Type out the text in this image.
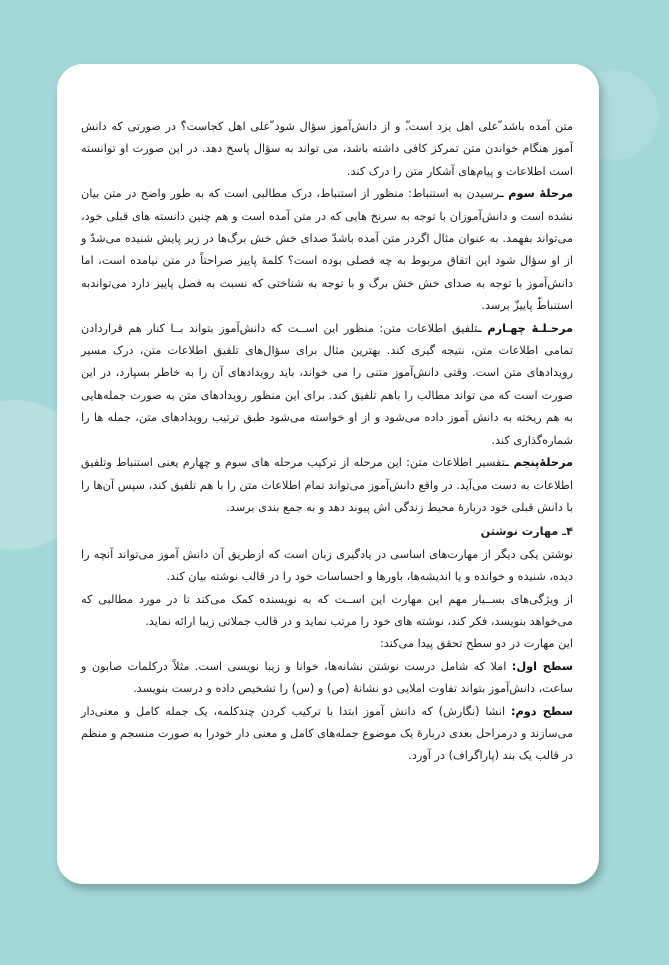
متن آمده باشد ّعلی اهل یزد است.ّ و از دانش‌آموز سؤال شود ّعلی اهل کجاست؟ّ در صورتی که دانش آموز هنگام خواندن متن تمرکز کافی داشته باشد، می تواند به سؤال پاسخ دهد. در این صورت او توانسته است اطلاعات و پیام‌های آشکار متن را درک کند.

مرحلۀ سوم ـرسیدن به استنباط: منظور از استنباط، درک مطالبی است که به طور واضح در متن بیان نشده است و دانش‌آموزان با توجه به سرنخ هایی که در متن آمده است و هم چنین دانسته های قبلی خود، می‌تواند بفهمد. به عنوان مثال اگردر متن آمده باشدّ صدای خش خش برگ‌ها در زیر پایش شنیده می‌شدّ و از او سؤال شود این اتفاق مربوط به چه فصلی بوده است؟ کلمۀ پاییز صراحتاً در متن نیامده است، اما دانش‌آموز با توجه به صدای خش خش برگ و با توجه به شناختی که نسبت به فصل پاییز دارد می‌تواندبه استنباطّ پاییزّ برسد.

مرحـلـۀ چهـارم ـتلفیق اطلاعات متن: منظور این اســت که دانش‌آموز بتواند بــا کنار هم قراردادن تمامی اطلاعات متن، نتیجه گیری کند. بهترین مثال برای سؤال‌های تلفیق اطلاعات متن، درک مسیر رویدادهای متن است. وقتی دانش‌آموز متنی را می خواند، باید رویدادهای آن را به خاطر بسپارد، در این صورت است که می تواند مطالب را باهم تلفیق کند. برای این منظور رویدادهای متن به صورت جمله‌هایی به هم ریخته به دانش آموز داده می‌شود و از او خواسته می‌شود طبق ترتیب رویدادهای متن، جمله ها را شماره‌گذاری کند.

مرحلۀپنجم ـتفسیر اطلاعات متن: این مرحله از ترکیب مرحله های سوم و چهارم یعنی استنباط وتلفیق اطلاعات به دست می‌آید. در واقع دانش‌آموز می‌تواند تمام اطلاعات متن را با هم تلفیق کند، سپس آن‌ها را با دانش قبلی خود دربارۀ محیط زندگی اش پیوند دهد و به جمع بندی برسد.

۴ـ مهارت نوشتن

نوشتن یکی دیگر از مهارت‌های اساسی در یادگیری زبان است که ازطریق آن دانش آموز می‌تواند آنچه را دیده، شنیده و خوانده و یا اندیشه‌ها، باورها و احساسات خود را در قالب نوشته بیان کند.

از ویژگی‌های بســیار مهم این مهارت این اســت که به نویسنده کمک می‌کند تا در مورد مطالبی که می‌خواهد بنویسد، فکر کند، نوشته های خود را مرتب نماید و در قالب جملاتی زیبا ارائه نماید.

این مهارت در دو سطح تحقق پیدا می‌کند:

سطح اول: املا که شامل درست نوشتن نشانه‌ها، خوانا و زیبا نویسی است. مثلاً درکلمات صابون و ساعت، دانش‌آموز بتواند تفاوت املایی دو نشانۀ (ص) و (س) را تشخیص داده و درست بنویسد.

سطح دوم: انشا (نگارش) که دانش آموز ابتدا با ترکیب کردن چندکلمه، یک جمله کامل و معنی‌دار می‌سازند و درمراحل بعدی دربارۀ یک موضوع جمله‌های کامل و معنی دار خودرا به صورت منسجم و منظم در قالب یک بند (پاراگراف) در آورد.
